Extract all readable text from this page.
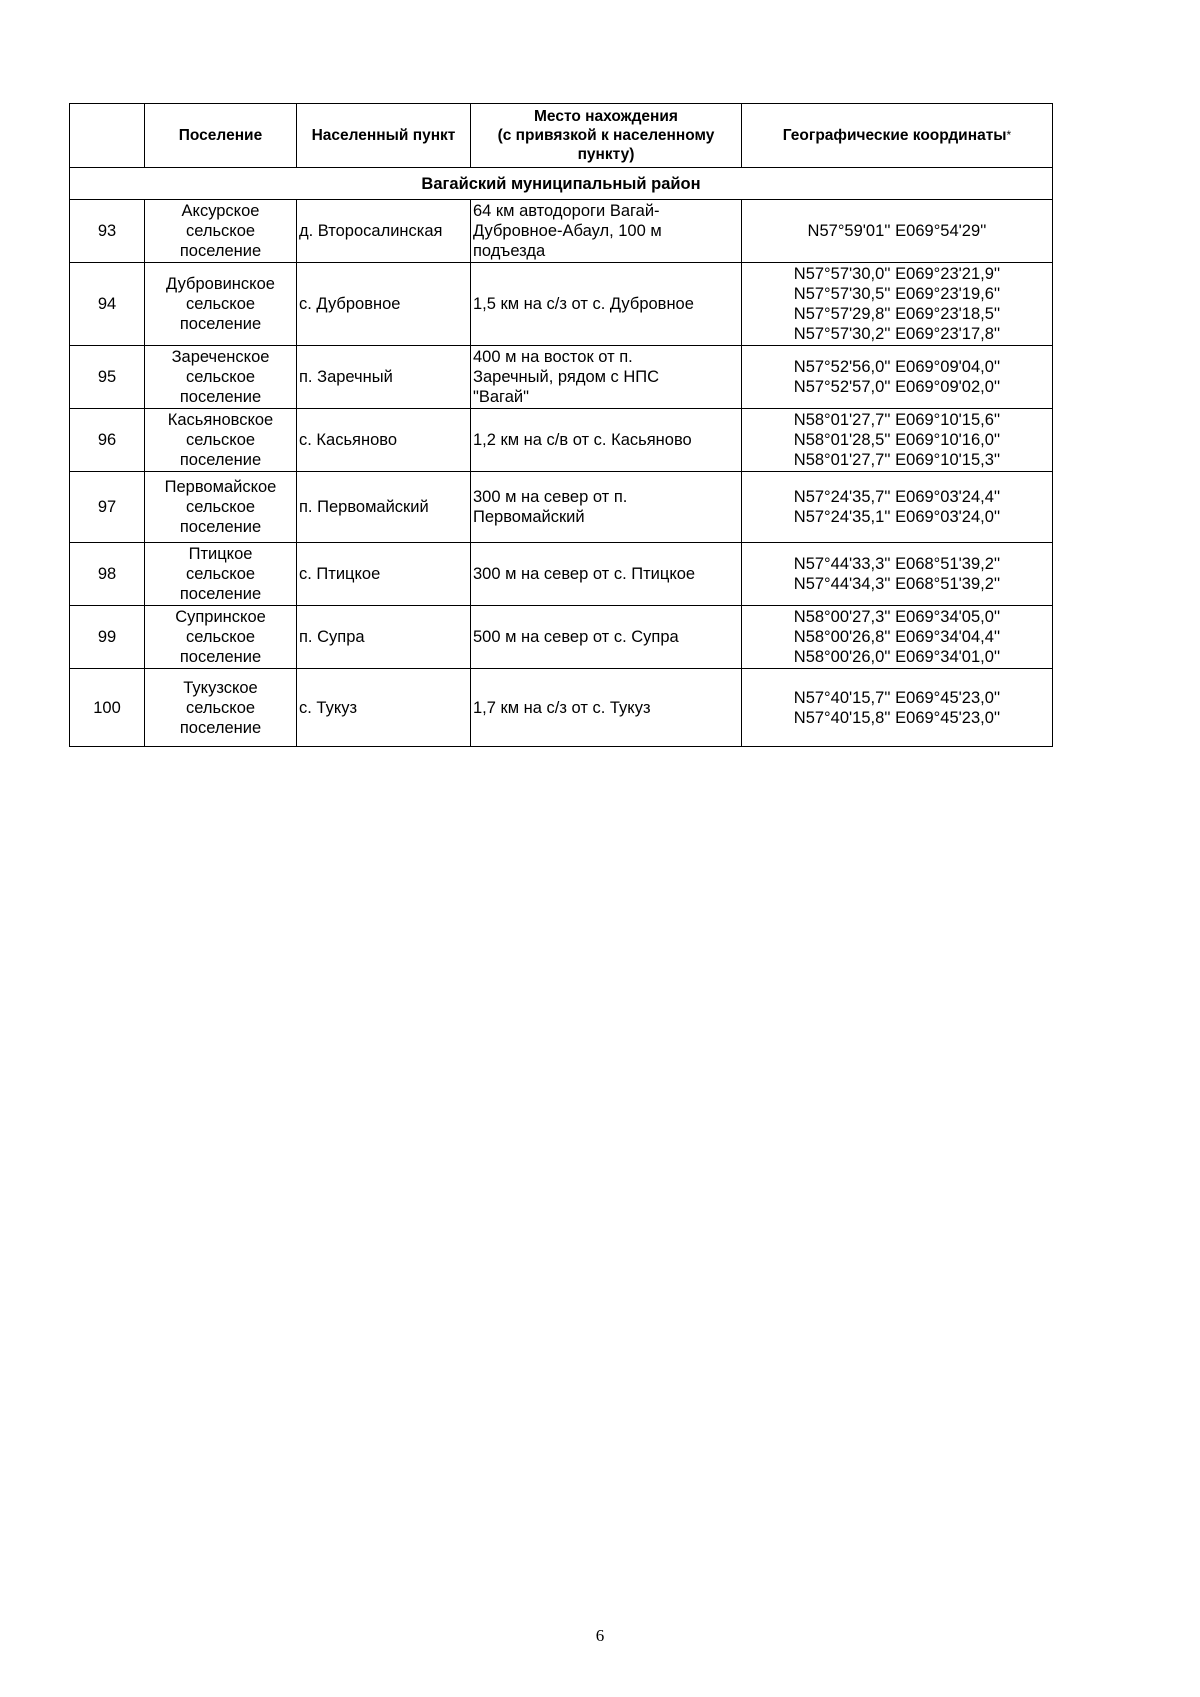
	Поселение	Населенный пункт	Место нахождения
(с привязкой к населенному
пункту)	Географические координаты*
Вагайский муниципальный район				
93	Аксурское
сельское
поселение	д. Второсалинская	64 км автодороги Вагай-
Дубровное-Абаул, 100 м
подъезда	N57°59'01'' E069°54'29''

94	Дубровинское
сельское
поселение	с. Дубровное	1,5 км на с/з от с. Дубровное	N57°57'30,0'' E069°23'21,9''
N57°57'30,5'' E069°23'19,6''
N57°57'29,8'' E069°23'18,5''
N57°57'30,2'' E069°23'17,8''

95	Зареченское
сельское
поселение	п. Заречный	400 м на восток от п.
Заречный, рядом с НПС
"Вагай"	N57°52'56,0'' E069°09'04,0''
N57°52'57,0'' E069°09'02,0''

96	Касьяновское
сельское
поселение	с. Касьяново	1,2 км на с/в от с. Касьяново	N58°01'27,7'' E069°10'15,6''
N58°01'28,5'' E069°10'16,0''
N58°01'27,7'' E069°10'15,3''

97	Первомайское
сельское
поселение	п. Первомайский	300 м на север от п.
Первомайский	N57°24'35,7'' E069°03'24,4''
N57°24'35,1'' E069°03'24,0''

98	Птицкое
сельское
поселение	с. Птицкое	300 м на север от с. Птицкое	N57°44'33,3'' E068°51'39,2''
N57°44'34,3'' E068°51'39,2''

99	Супринское
сельское
поселение	п. Супра	500 м на север от с. Супра	N58°00'27,3'' E069°34'05,0''
N58°00'26,8'' E069°34'04,4''
N58°00'26,0'' E069°34'01,0''

100	Тукузское
сельское
поселение	с. Тукуз	1,7 км на с/з от с. Тукуз	N57°40'15,7'' E069°45'23,0''
N57°40'15,8'' E069°45'23,0''
6
